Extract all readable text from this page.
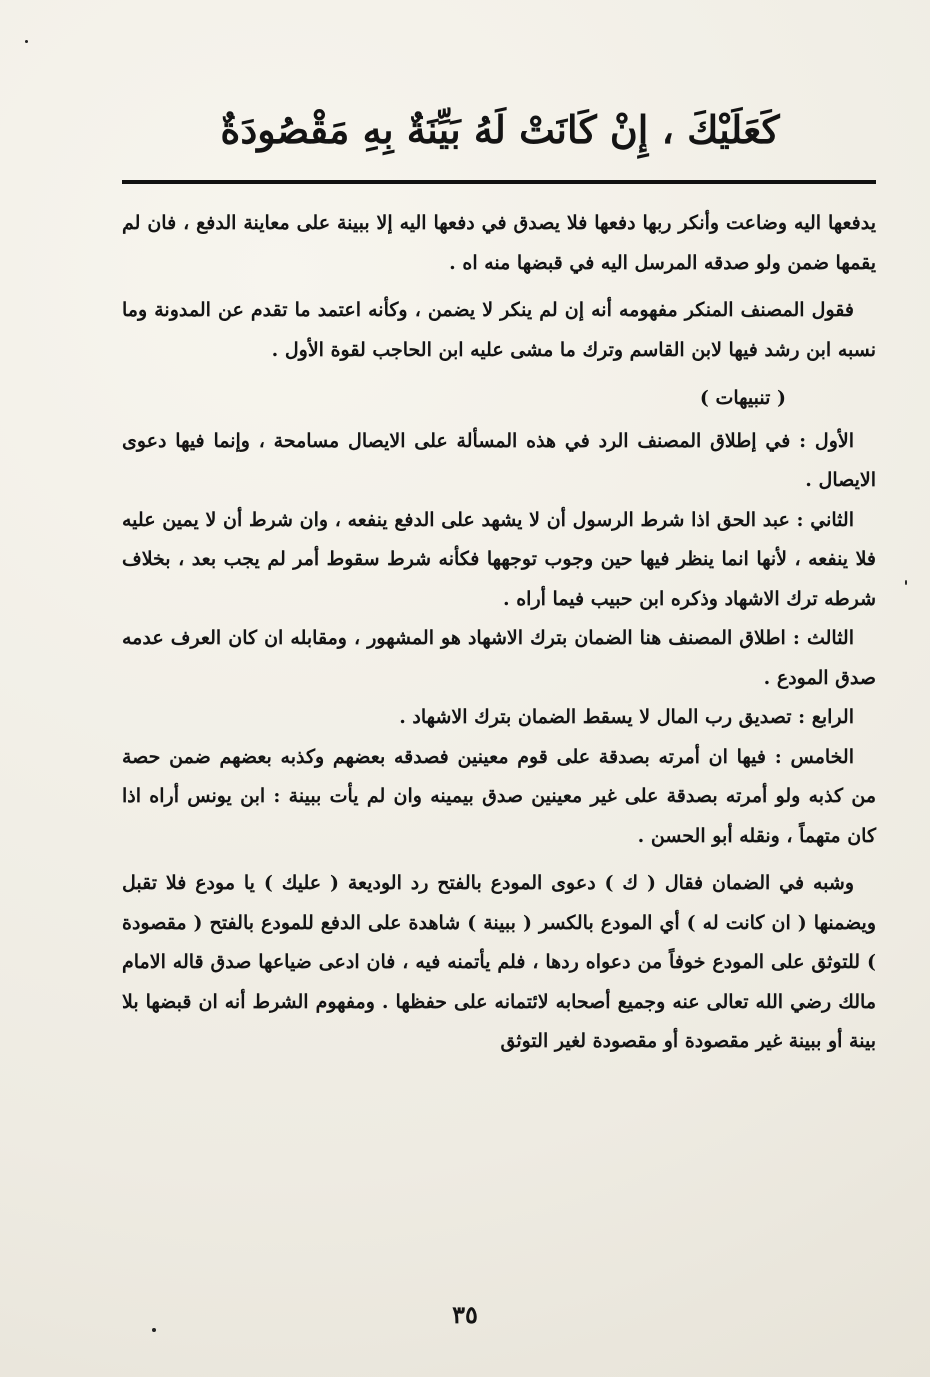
كَعَلَيْكَ ، إِنْ كَانَتْ لَهُ بَيِّنَةٌ بِهِ مَقْصُودَةٌ

يدفعها اليه وضاعت وأنكر ربها دفعها فلا يصدق في دفعها اليه إلا ببينة على معاينة الدفع ، فان لم يقمها ضمن ولو صدقه المرسل اليه في قبضها منه اه .

فقول المصنف المنكر مفهومه أنه إن لم ينكر لا يضمن ، وكأنه اعتمد ما تقدم عن المدونة وما نسبه ابن رشد فيها لابن القاسم وترك ما مشى عليه ابن الحاجب لقوة الأول .

( تنبيهات )

الأول : في إطلاق المصنف الرد في هذه المسألة على الايصال مسامحة ، وإنما فيها دعوى الايصال .

الثاني : عبد الحق اذا شرط الرسول أن لا يشهد على الدفع ينفعه ، وان شرط أن لا يمين عليه فلا ينفعه ، لأنها انما ينظر فيها حين وجوب توجهها فكأنه شرط سقوط أمر لم يجب بعد ، بخلاف شرطه ترك الاشهاد وذكره ابن حبيب فيما أراه .

الثالث : اطلاق المصنف هنا الضمان بترك الاشهاد هو المشهور ، ومقابله ان كان العرف عدمه صدق المودع .

الرابع : تصديق رب المال لا يسقط الضمان بترك الاشهاد .

الخامس : فيها ان أمرته بصدقة على قوم معينين فصدقه بعضهم وكذبه بعضهم ضمن حصة من كذبه ولو أمرته بصدقة على غير معينين صدق بيمينه وان لم يأت ببينة : ابن يونس أراه اذا كان متهماً ، ونقله أبو الحسن .

وشبه في الضمان فقال ( ك ) دعوى المودع بالفتح رد الوديعة ( عليك ) يا مودع فلا تقبل ويضمنها ( ان كانت له ) أي المودع بالكسر ( ببينة ) شاهدة على الدفع للمودع بالفتح ( مقصودة ) للتوثق على المودع خوفاً من دعواه ردها ، فلم يأتمنه فيه ، فان ادعى ضياعها صدق قاله الامام مالك رضي الله تعالى عنه وجميع أصحابه لائتمانه على حفظها . ومفهوم الشرط أنه ان قبضها بلا بينة أو ببينة غير مقصودة أو مقصودة لغير التوثق

٣٥
